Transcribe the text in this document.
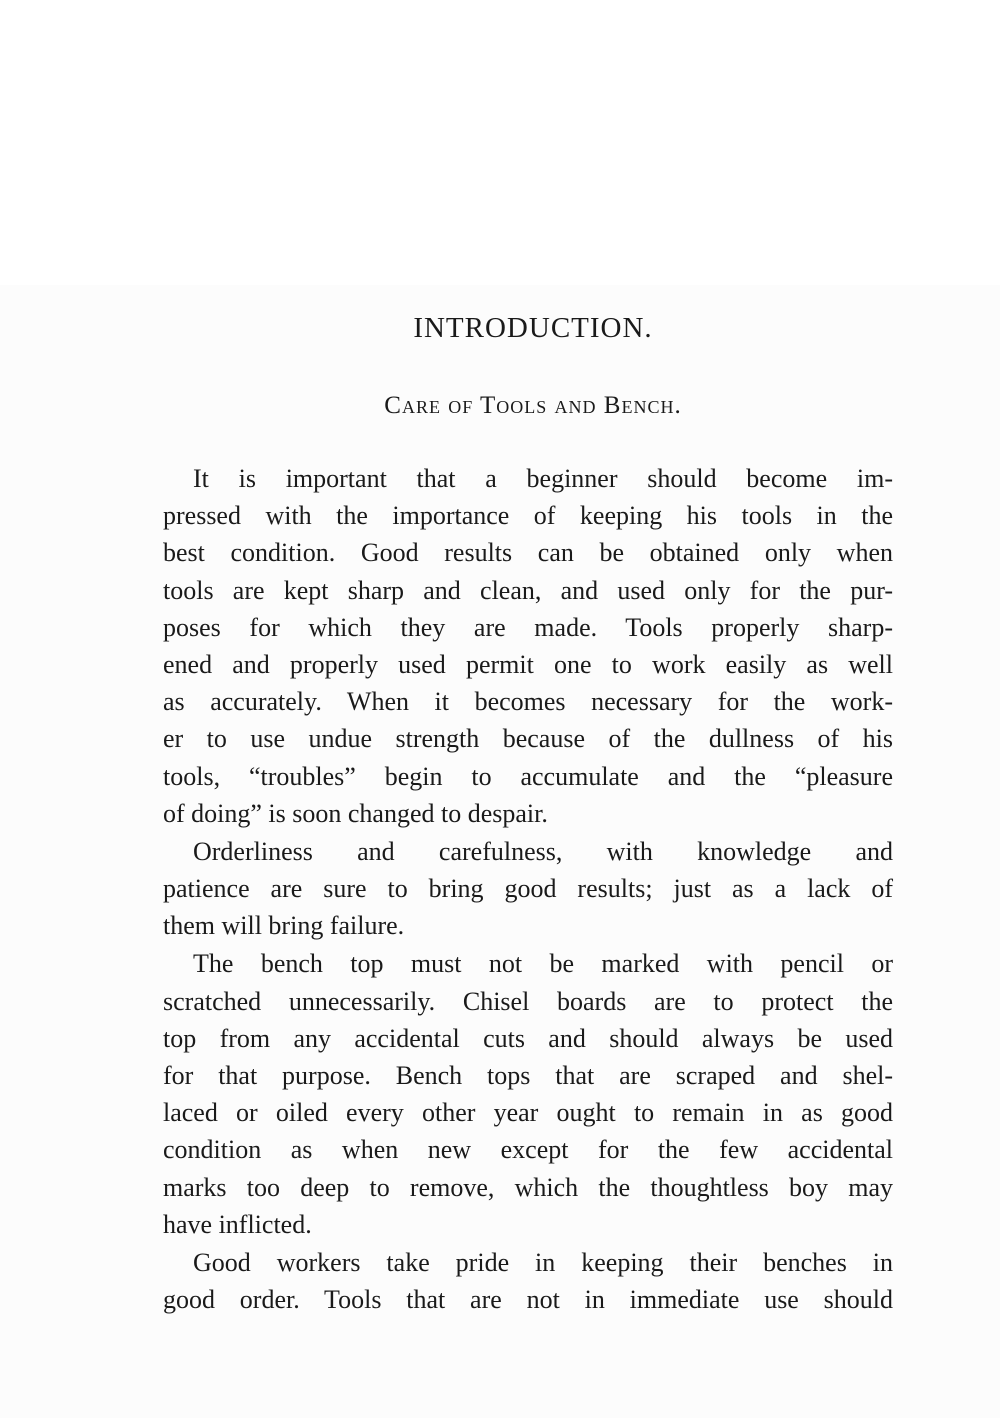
INTRODUCTION.
Care of Tools and Bench.
It is important that a beginner should become im-
pressed with the importance of keeping his tools in the
best condition. Good results can be obtained only when
tools are kept sharp and clean, and used only for the pur-
poses for which they are made. Tools properly sharp-
ened and properly used permit one to work easily as well
as accurately. When it becomes necessary for the work-
er to use undue strength because of the dullness of his
tools, “troubles” begin to accumulate and the “pleasure
of doing” is soon changed to despair.
Orderliness and carefulness, with knowledge and
patience are sure to bring good results; just as a lack of
them will bring failure.
The bench top must not be marked with pencil or
scratched unnecessarily. Chisel boards are to protect the
top from any accidental cuts and should always be used
for that purpose. Bench tops that are scraped and shel-
laced or oiled every other year ought to remain in as good
condition as when new except for the few accidental
marks too deep to remove, which the thoughtless boy may
have inflicted.
Good workers take pride in keeping their benches in
good order. Tools that are not in immediate use should
